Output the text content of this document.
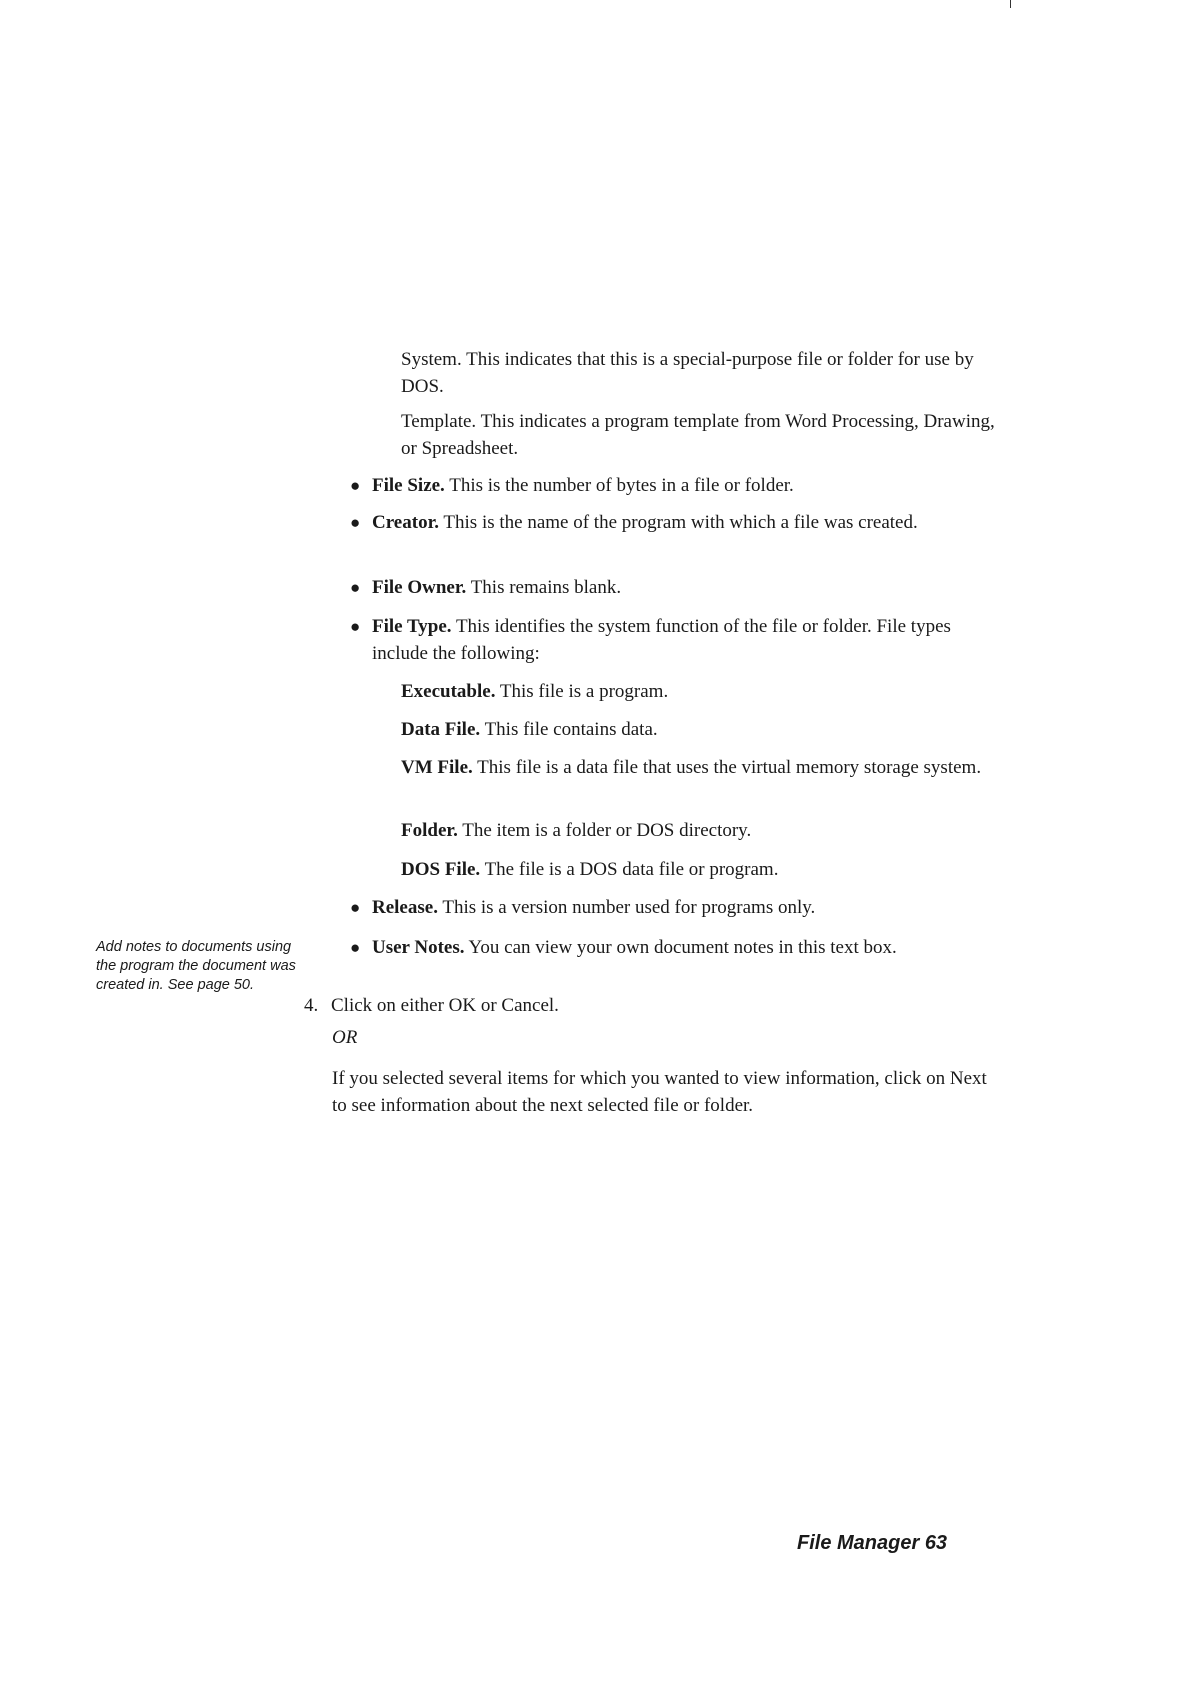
System. This indicates that this is a special-purpose file or folder for use by DOS.
Template. This indicates a program template from Word Processing, Drawing, or Spreadsheet.
● File Size. This is the number of bytes in a file or folder.
● Creator. This is the name of the program with which a file was created.
● File Owner. This remains blank.
● File Type. This identifies the system function of the file or folder. File types include the following:
Executable. This file is a program.
Data File. This file contains data.
VM File. This file is a data file that uses the virtual memory storage system.
Folder. The item is a folder or DOS directory.
DOS File. The file is a DOS data file or program.
● Release. This is a version number used for programs only.
● User Notes. You can view your own document notes in this text box.
Add notes to documents using the program the document was created in. See page 50.
4. Click on either OK or Cancel.
OR
If you selected several items for which you wanted to view information, click on Next to see information about the next selected file or folder.
File Manager 63
